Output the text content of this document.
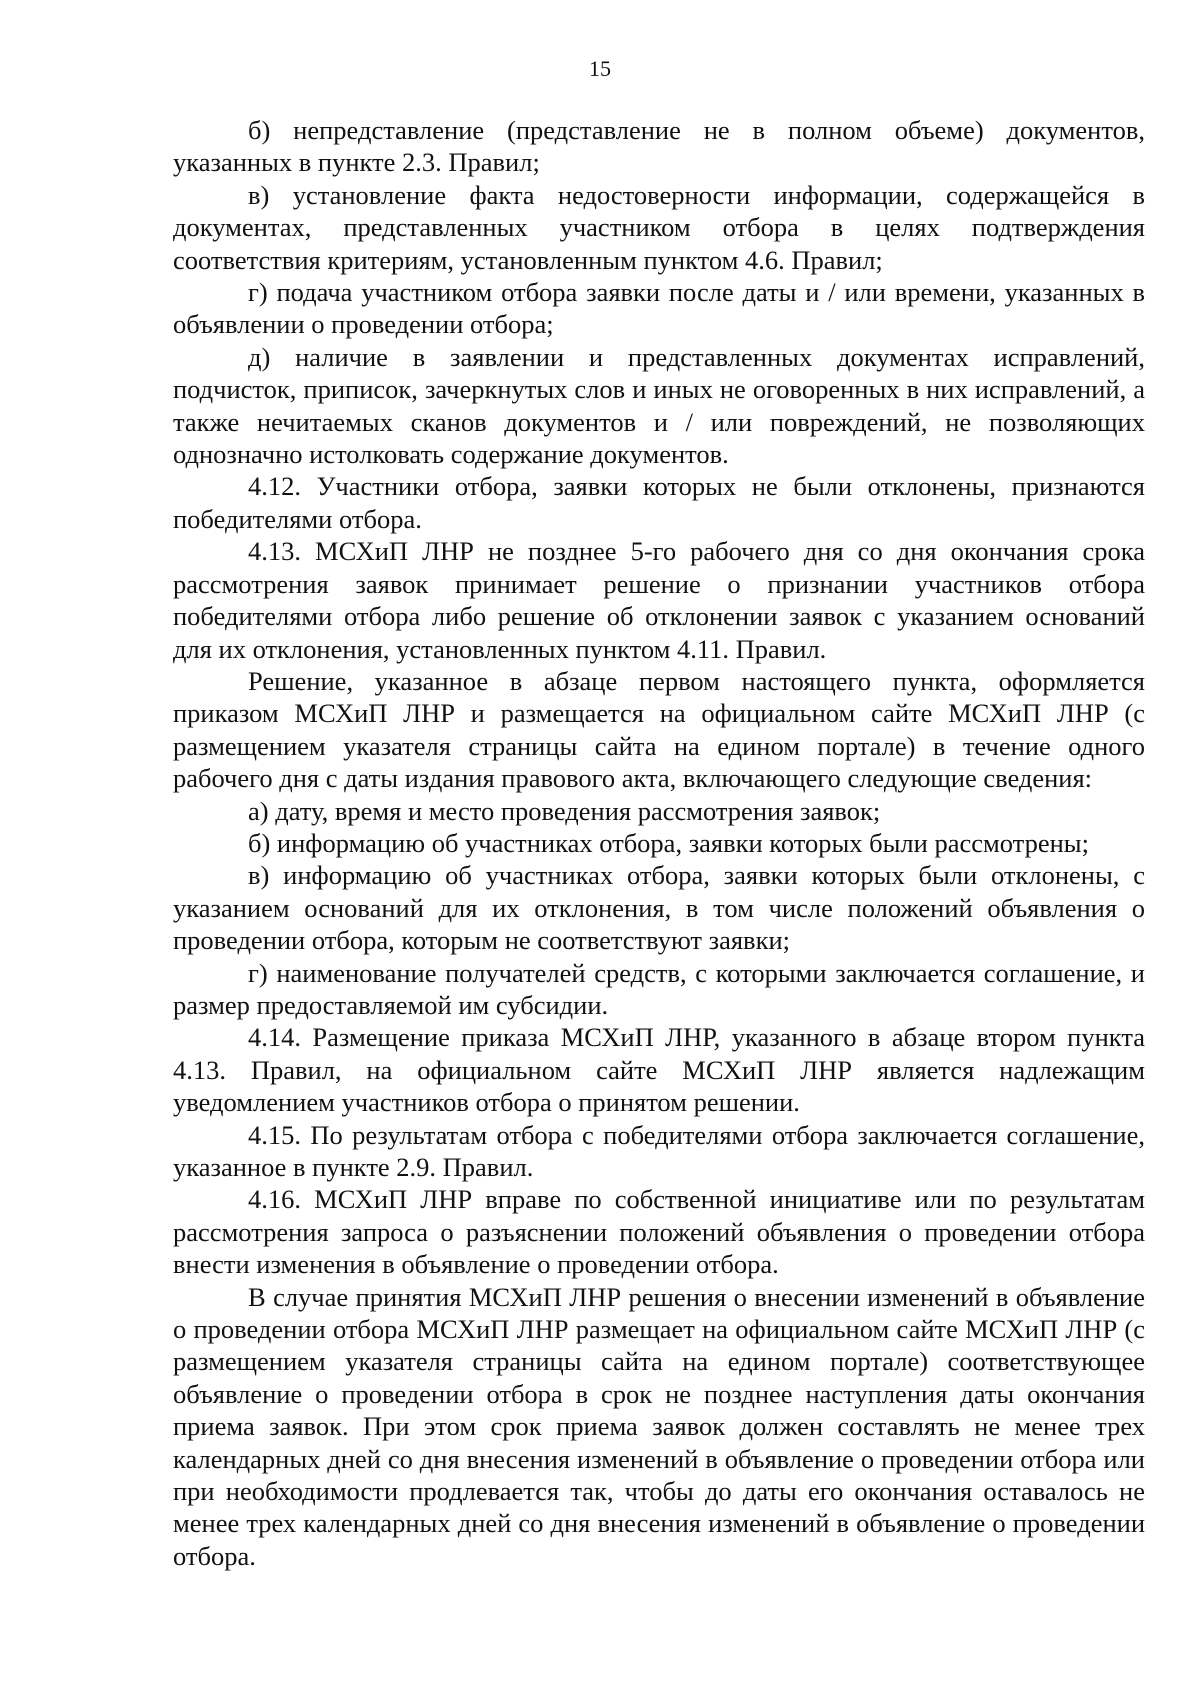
15

б) непредставление (представление не в полном объеме) документов, указанных в пункте 2.3. Правил;

в) установление факта недостоверности информации, содержащейся в документах, представленных участником отбора в целях подтверждения соответствия критериям, установленным пунктом 4.6. Правил;

г) подача участником отбора заявки после даты и / или времени, указанных в объявлении о проведении отбора;

д) наличие в заявлении и представленных документах исправлений, подчисток, приписок, зачеркнутых слов и иных не оговоренных в них исправлений, а также нечитаемых сканов документов и / или повреждений, не позволяющих однозначно истолковать содержание документов.

4.12. Участники отбора, заявки которых не были отклонены, признаются победителями отбора.

4.13. МСХиП ЛНР не позднее 5-го рабочего дня со дня окончания срока рассмотрения заявок принимает решение о признании участников отбора победителями отбора либо решение об отклонении заявок с указанием оснований для их отклонения, установленных пунктом 4.11. Правил.

Решение, указанное в абзаце первом настоящего пункта, оформляется приказом МСХиП ЛНР и размещается на официальном сайте МСХиП ЛНР (с размещением указателя страницы сайта на едином портале) в течение одного рабочего дня с даты издания правового акта, включающего следующие сведения:

а) дату, время и место проведения рассмотрения заявок;

б) информацию об участниках отбора, заявки которых были рассмотрены;

в) информацию об участниках отбора, заявки которых были отклонены, с указанием оснований для их отклонения, в том числе положений объявления о проведении отбора, которым не соответствуют заявки;

г) наименование получателей средств, с которыми заключается соглашение, и размер предоставляемой им субсидии.

4.14. Размещение приказа МСХиП ЛНР, указанного в абзаце втором пункта 4.13. Правил, на официальном сайте МСХиП ЛНР является надлежащим уведомлением участников отбора о принятом решении.

4.15. По результатам отбора с победителями отбора заключается соглашение, указанное в пункте 2.9. Правил.

4.16. МСХиП ЛНР вправе по собственной инициативе или по результатам рассмотрения запроса о разъяснении положений объявления о проведении отбора внести изменения в объявление о проведении отбора.

В случае принятия МСХиП ЛНР решения о внесении изменений в объявление о проведении отбора МСХиП ЛНР размещает на официальном сайте МСХиП ЛНР (с размещением указателя страницы сайта на едином портале) соответствующее объявление о проведении отбора в срок не позднее наступления даты окончания приема заявок. При этом срок приема заявок должен составлять не менее трех календарных дней со дня внесения изменений в объявление о проведении отбора или при необходимости продлевается так, чтобы до даты его окончания оставалось не менее трех календарных дней со дня внесения изменений в объявление о проведении отбора.
